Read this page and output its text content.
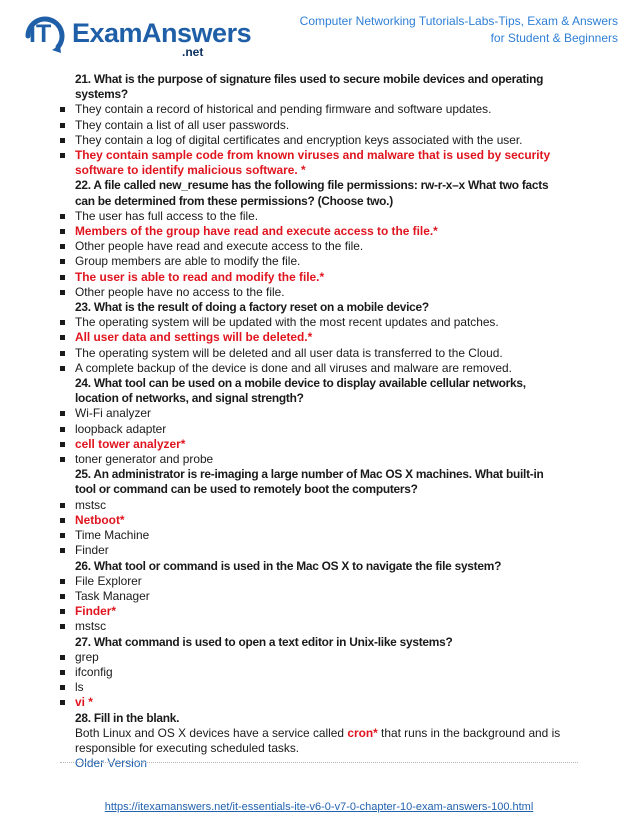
IT ExamAnswers
.net
Computer Networking Tutorials-Labs-Tips, Exam & Answers
for Student & Beginners
21. What is the purpose of signature files used to secure mobile devices and operating systems?
They contain a record of historical and pending firmware and software updates.
They contain a list of all user passwords.
They contain a log of digital certificates and encryption keys associated with the user.
They contain sample code from known viruses and malware that is used by security software to identify malicious software. *
22. A file called new_resume has the following file permissions: rw-r-x–x What two facts can be determined from these permissions? (Choose two.)
The user has full access to the file.
Members of the group have read and execute access to the file.*
Other people have read and execute access to the file.
Group members are able to modify the file.
The user is able to read and modify the file.*
Other people have no access to the file.
23. What is the result of doing a factory reset on a mobile device?
The operating system will be updated with the most recent updates and patches.
All user data and settings will be deleted.*
The operating system will be deleted and all user data is transferred to the Cloud.
A complete backup of the device is done and all viruses and malware are removed.
24. What tool can be used on a mobile device to display available cellular networks, location of networks, and signal strength?
Wi-Fi analyzer
loopback adapter
cell tower analyzer*
toner generator and probe
25. An administrator is re-imaging a large number of Mac OS X machines. What built-in tool or command can be used to remotely boot the computers?
mstsc
Netboot*
Time Machine
Finder
26. What tool or command is used in the Mac OS X to navigate the file system?
File Explorer
Task Manager
Finder*
mstsc
27. What command is used to open a text editor in Unix-like systems?
grep
ifconfig
ls
vi *
28. Fill in the blank.
Both Linux and OS X devices have a service called cron* that runs in the background and is responsible for executing scheduled tasks.
Older Version
https://itexamanswers.net/it-essentials-ite-v6-0-v7-0-chapter-10-exam-answers-100.html
